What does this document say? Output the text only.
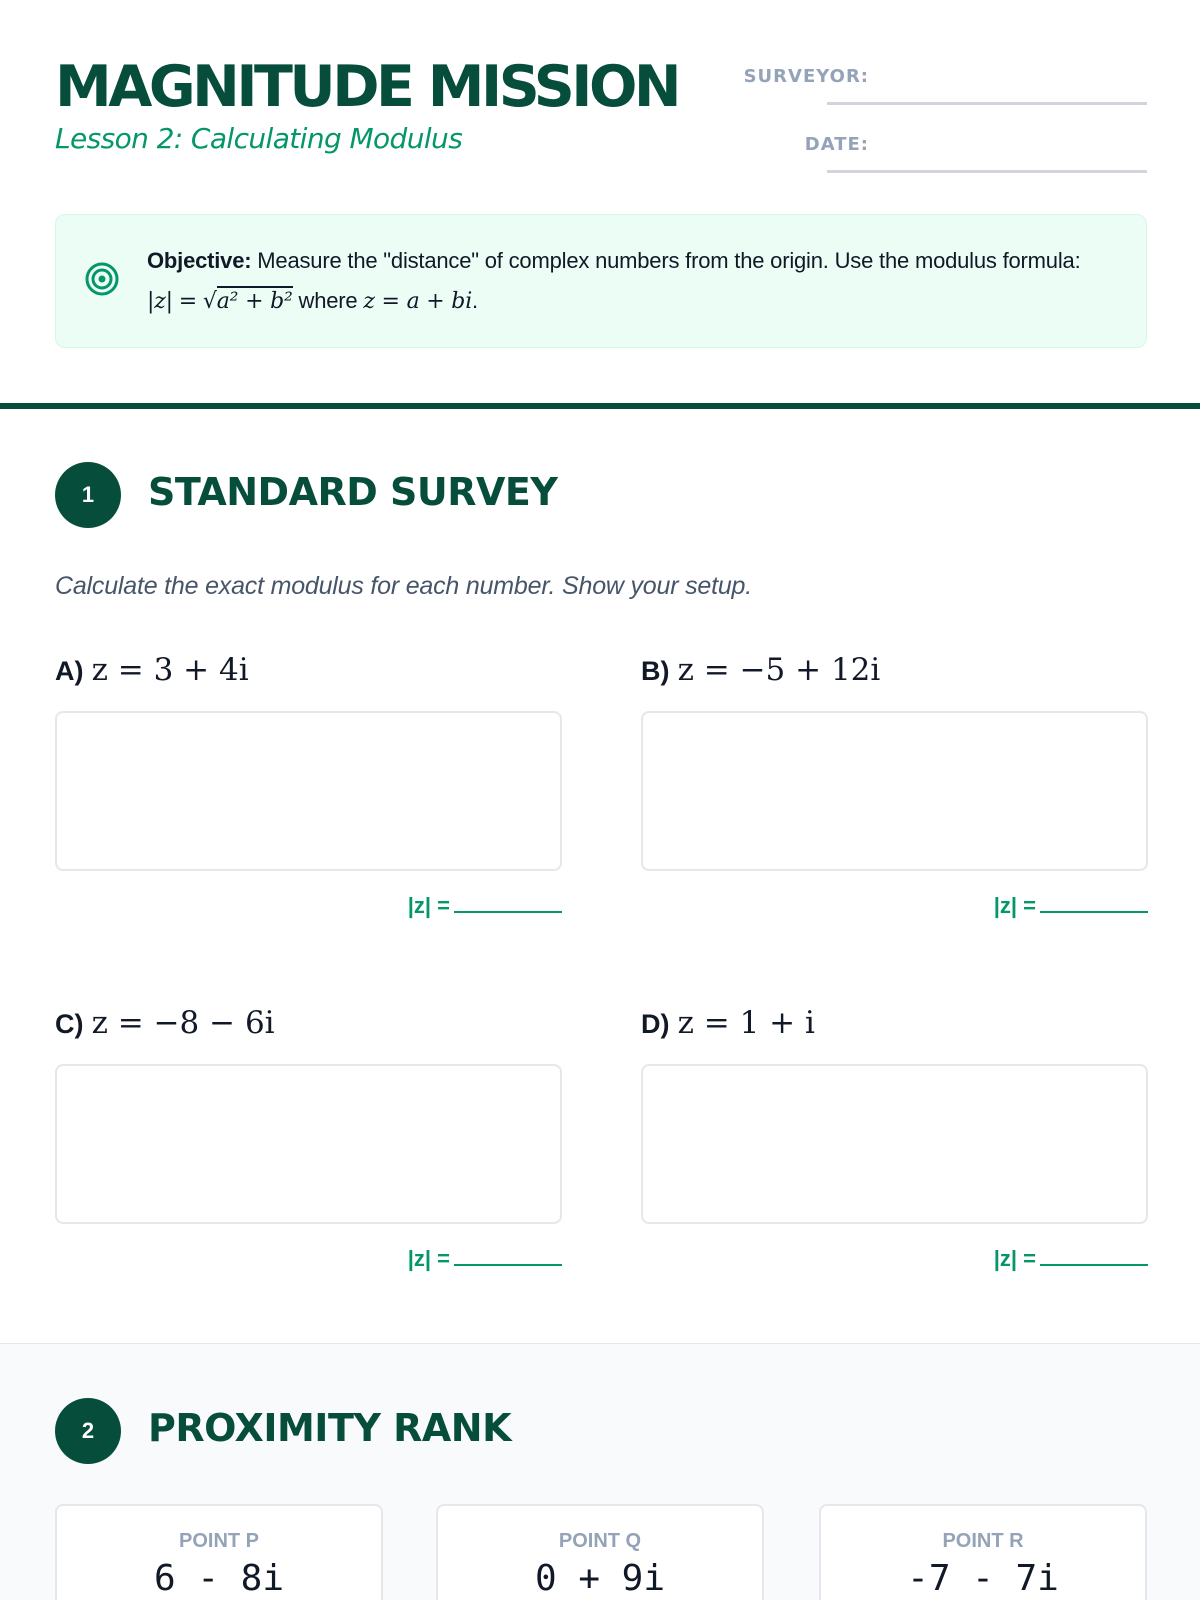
MAGNITUDE MISSION
Lesson 2: Calculating Modulus
SURVEYOR:
DATE:
Objective: Measure the "distance" of complex numbers from the origin. Use the modulus formula: |z| = √a² + b² where z = a + bi.
1	STANDARD SURVEY
Calculate the exact modulus for each number. Show your setup.
A) z = 3 + 4i
|z| =
B) z = −5 + 12i
|z| =
C) z = −8 − 6i
|z| =
D) z = 1 + i
|z| =
2	PROXIMITY RANK
POINT P
6 - 8i
POINT Q
0 + 9i
POINT R
-7 - 7i
